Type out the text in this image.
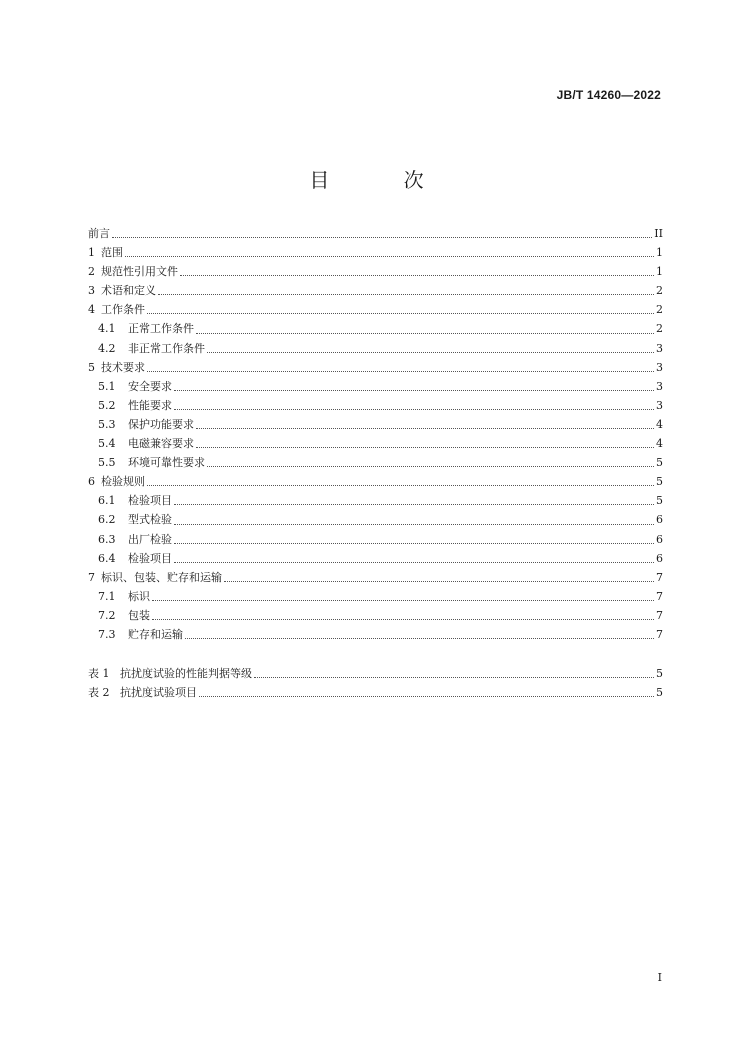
JB/T 14260—2022
目 次
前言	II
1 范围	1
2 规范性引用文件	1
3 术语和定义	2
4 工作条件	2
4.1	正常工作条件	2
4.2	非正常工作条件	3
5 技术要求	3
5.1	安全要求	3
5.2	性能要求	3
5.3	保护功能要求	4
5.4	电磁兼容要求	4
5.5	环境可靠性要求	5
6 检验规则	5
6.1	检验项目	5
6.2	型式检验	6
6.3	出厂检验	6
6.4	检验项目	6
7 标识、包装、贮存和运输	7
7.1	标识	7
7.2	包装	7
7.3	贮存和运输	7
表 1 抗扰度试验的性能判据等级	5
表 2 抗扰度试验项目	5
I
